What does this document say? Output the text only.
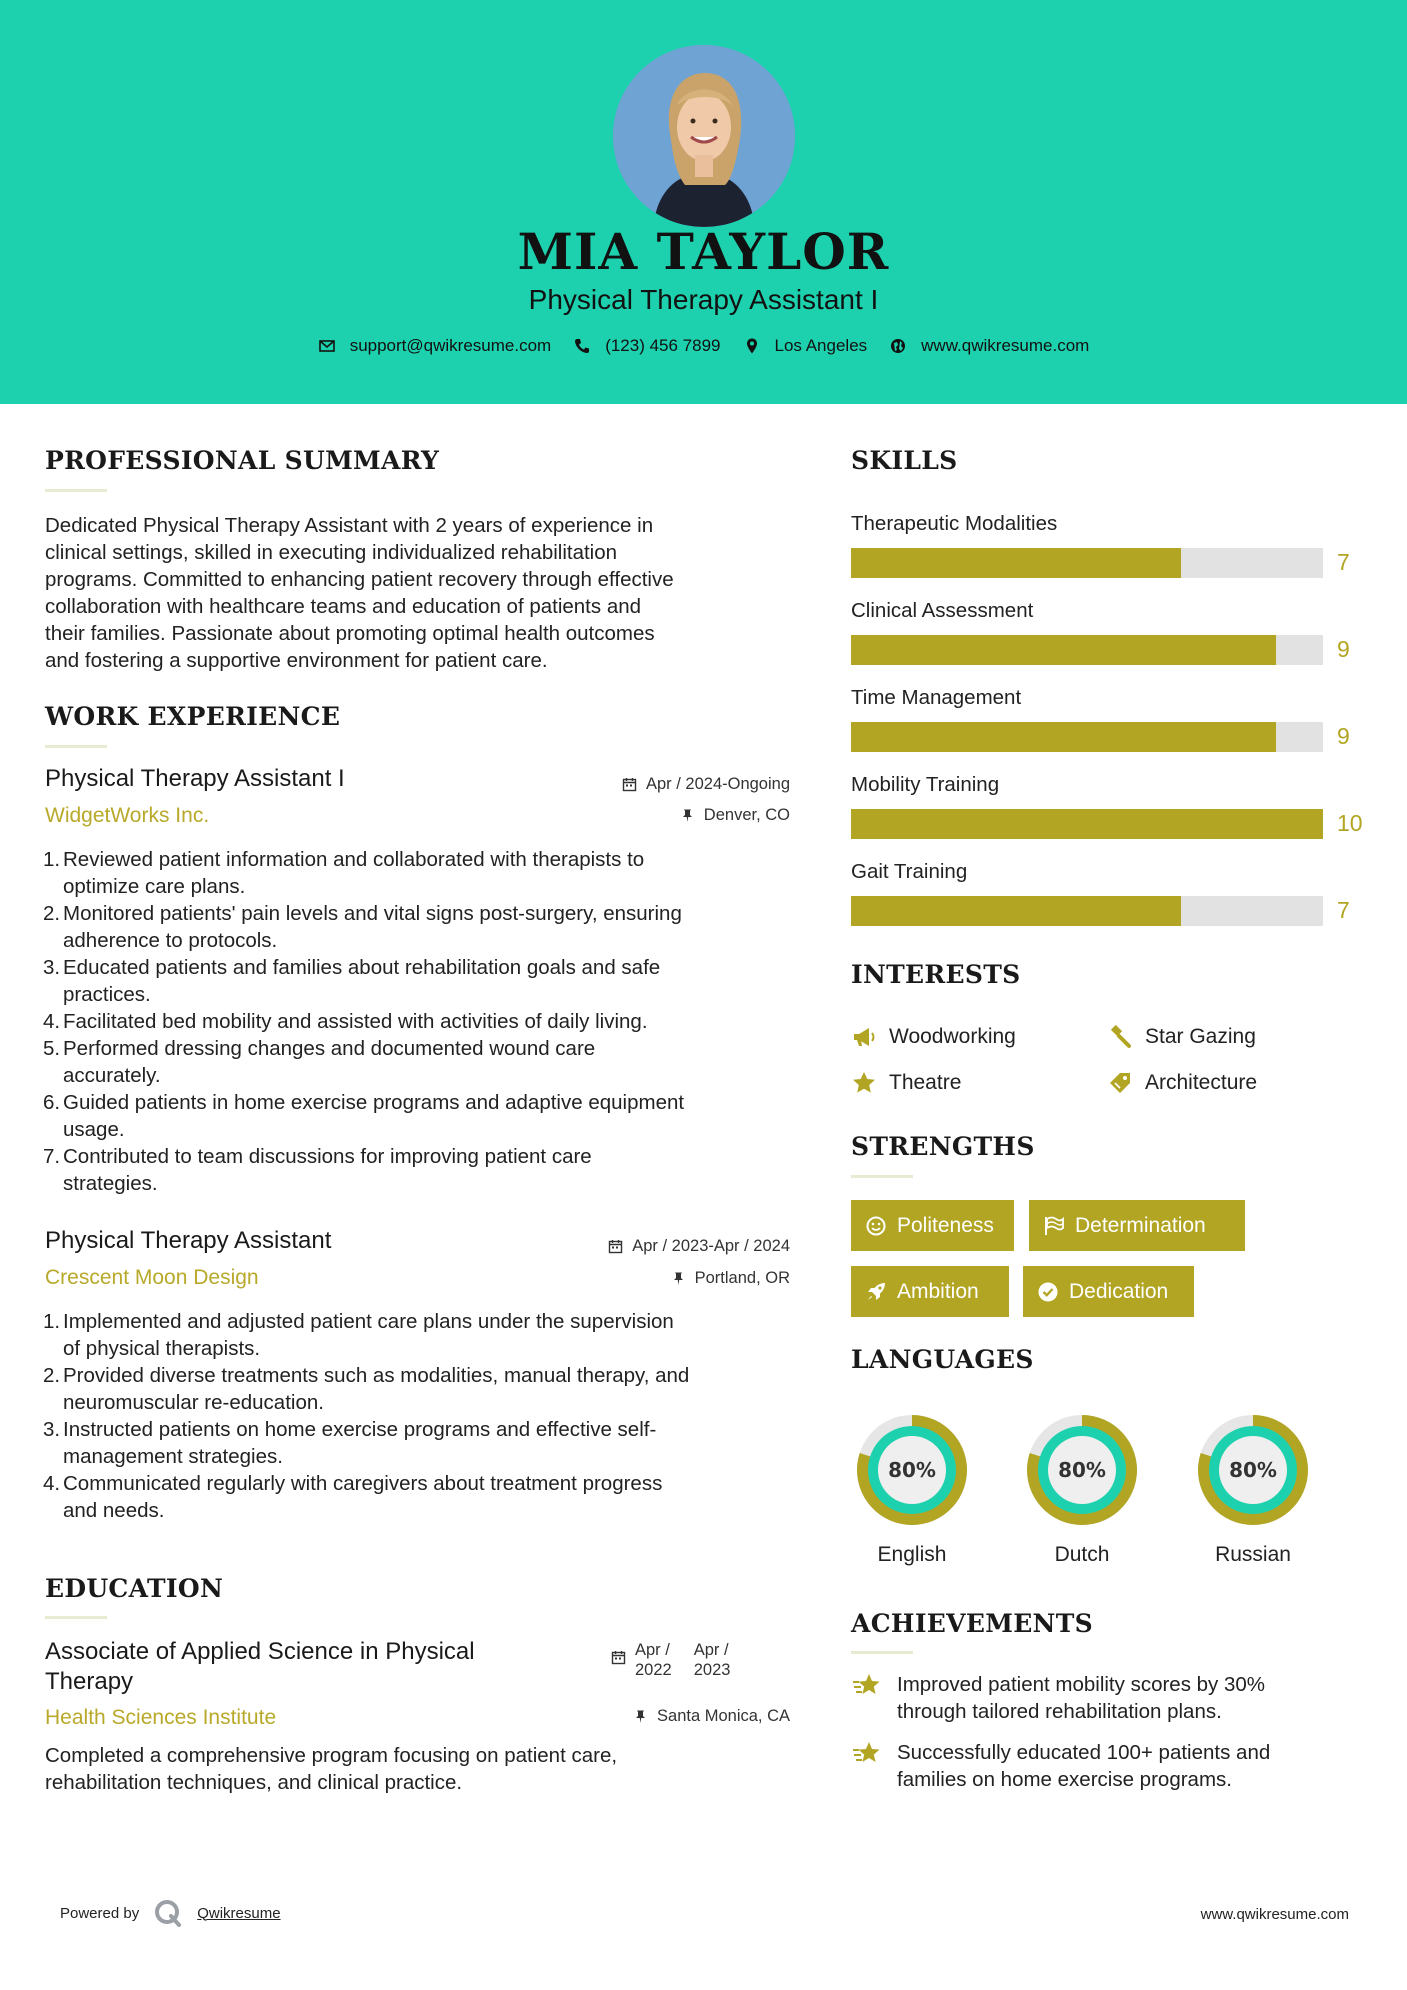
MIA TAYLOR
Physical Therapy Assistant I
support@qwikresume.com	(123) 456 7899	Los Angeles	www.qwikresume.com
PROFESSIONAL SUMMARY
Dedicated Physical Therapy Assistant with 2 years of experience in
clinical settings, skilled in executing individualized rehabilitation
programs. Committed to enhancing patient recovery through effective
collaboration with healthcare teams and education of patients and
their families. Passionate about promoting optimal health outcomes
and fostering a supportive environment for patient care.
WORK EXPERIENCE
Physical Therapy Assistant I
WidgetWorks Inc.
Apr / 2024-Ongoing
Denver, CO
1. Reviewed patient information and collaborated with therapists to
optimize care plans.
2. Monitored patients' pain levels and vital signs post-surgery, ensuring
adherence to protocols.
3. Educated patients and families about rehabilitation goals and safe
practices.
4. Facilitated bed mobility and assisted with activities of daily living.
5. Performed dressing changes and documented wound care
accurately.
6. Guided patients in home exercise programs and adaptive equipment
usage.
7. Contributed to team discussions for improving patient care
strategies.
Physical Therapy Assistant
Crescent Moon Design
Apr / 2023-Apr / 2024
Portland, OR
1. Implemented and adjusted patient care plans under the supervision
of physical therapists.
2. Provided diverse treatments such as modalities, manual therapy, and
neuromuscular re-education.
3. Instructed patients on home exercise programs and effective self-
management strategies.
4. Communicated regularly with caregivers about treatment progress
and needs.
EDUCATION
Associate of Applied Science in Physical
Therapy
Apr /
2022
Apr /
2023
Health Sciences Institute	Santa Monica, CA
Completed a comprehensive program focusing on patient care,
rehabilitation techniques, and clinical practice.
SKILLS
Therapeutic Modalities
7
Clinical Assessment
9
Time Management
9
Mobility Training
10
Gait Training
7
INTERESTS
Woodworking	Star Gazing
Theatre	Architecture
STRENGTHS
Politeness	Determination
Ambition	Dedication
LANGUAGES
80%
English
80%
Dutch
80%
Russian
ACHIEVEMENTS
Improved patient mobility scores by 30%
through tailored rehabilitation plans.
Successfully educated 100+ patients and
families on home exercise programs.
Powered by	Qwikresume	www.qwikresume.com
